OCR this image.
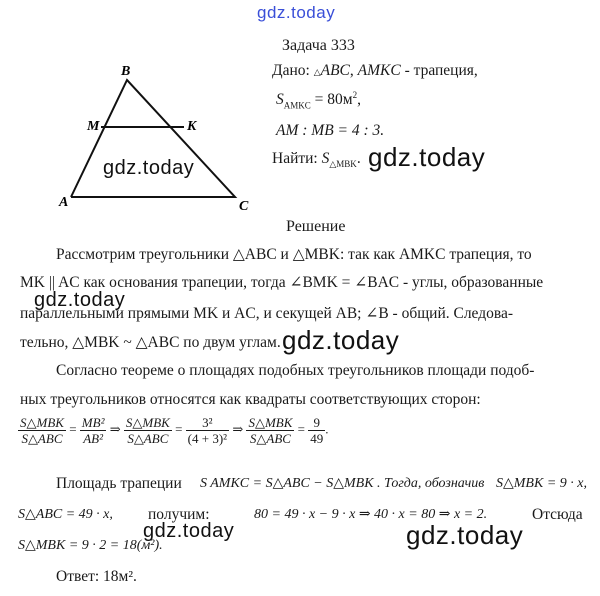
gdz.today
B
M	K
A	C
gdz.today
Задача 333
Дано: △ABC, AMKC - трапеция,
$S_{AMKC} = 80м^2$,
AM : MB = 4 : 3.
Найти: $S_{\triangle MBK}$. gdz.today
Решение
Рассмотрим треугольники △ABC и △MBK: так как AMKC трапеция, то
MK || AC как основания трапеции, тогда ∠BMK = ∠BAC - углы, образованные
gdz.today
параллельными прямыми MK и AC, и секущей AB; ∠B - общий. Следова-
тельно, △MBK ~ △ABC по двум углам. gdz.today
Согласно теореме о площадях подобных треугольников площади подоб-
ных треугольников относятся как квадраты соответствующих сторон:
$\frac{\text{S△MBK}}{\text{S△ABC}} = \frac{\text{MB²}}{\text{AB²}}$ ⇒ $\frac{\text{S△MBK}}{\text{S△ABC}} = \frac{\text{3²}}{\text{(4 + 3)²}}$ ⇒ $\frac{\text{S△MBK}}{\text{S△ABC}} = \frac{9}{49}$ .
Площадь трапеции S AMKC = S△ABC − S△MBK . Тогда, обозначив S△MBK = 9 · x,
S△ABC = 49 · x, получим:	80 = 49 · x − 9 · x ⇒ 40 · x = 80 ⇒ x = 2.	Отсюда
gdz.today	gdz.today
S△MBK = 9 · 2 = 18(м²).
Ответ: 18м².
